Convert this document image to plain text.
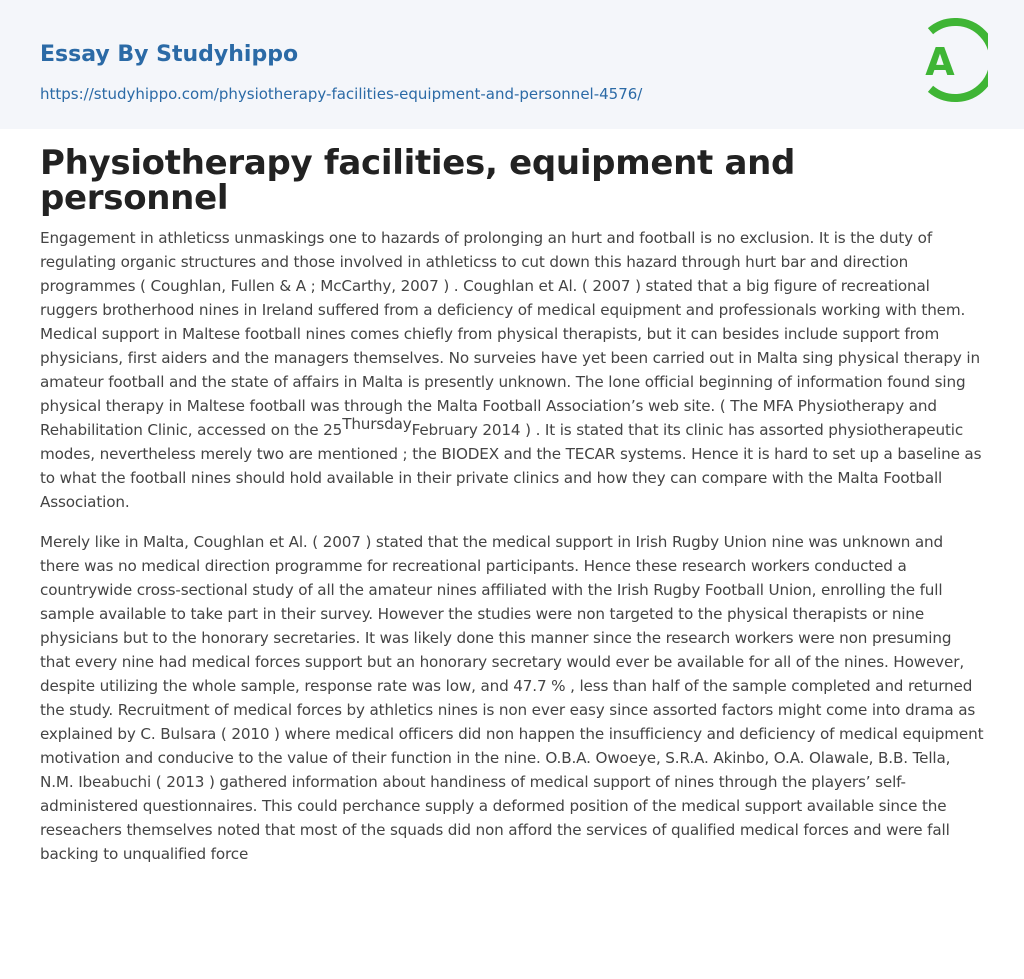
Essay By Studyhippo
https://studyhippo.com/physiotherapy-facilities-equipment-and-personnel-4576/
A
Physiotherapy facilities, equipment and personnel

Engagement in athleticss unmaskings one to hazards of prolonging an hurt and football is no exclusion. It is the duty of regulating organic structures and those involved in athleticss to cut down this hazard through hurt bar and direction programmes ( Coughlan, Fullen & A ; McCarthy, 2007 ) . Coughlan et Al. ( 2007 ) stated that a big figure of recreational ruggers brotherhood nines in Ireland suffered from a deficiency of medical equipment and professionals working with them. Medical support in Maltese football nines comes chiefly from physical therapists, but it can besides include support from physicians, first aiders and the managers themselves. No surveies have yet been carried out in Malta sing physical therapy in amateur football and the state of affairs in Malta is presently unknown. The lone official beginning of information found sing physical therapy in Maltese football was through the Malta Football Association’s web site. ( The MFA Physiotherapy and Rehabilitation Clinic, accessed on the 25ThursdayFebruary 2014 ) . It is stated that its clinic has assorted physiotherapeutic modes, nevertheless merely two are mentioned ; the BIODEX and the TECAR systems. Hence it is hard to set up a baseline as to what the football nines should hold available in their private clinics and how they can compare with the Malta Football Association.

Merely like in Malta, Coughlan et Al. ( 2007 ) stated that the medical support in Irish Rugby Union nine was unknown and there was no medical direction programme for recreational participants. Hence these research workers conducted a countrywide cross-sectional study of all the amateur nines affiliated with the Irish Rugby Football Union, enrolling the full sample available to take part in their survey. However the studies were non targeted to the physical therapists or nine physicians but to the honorary secretaries. It was likely done this manner since the research workers were non presuming that every nine had medical forces support but an honorary secretary would ever be available for all of the nines. However, despite utilizing the whole sample, response rate was low, and 47.7 % , less than half of the sample completed and returned the study. Recruitment of medical forces by athletics nines is non ever easy since assorted factors might come into drama as explained by C. Bulsara ( 2010 ) where medical officers did non happen the insufficiency and deficiency of medical equipment motivation and conducive to the value of their function in the nine. O.B.A. Owoeye, S.R.A. Akinbo, O.A. Olawale, B.B. Tella, N.M. Ibeabuchi ( 2013 ) gathered information about handiness of medical support of nines through the players’ self-administered questionnaires. This could perchance supply a deformed position of the medical support available since the reseachers themselves noted that most of the squads did non afford the services of qualified medical forces and were fall backing to unqualified force
